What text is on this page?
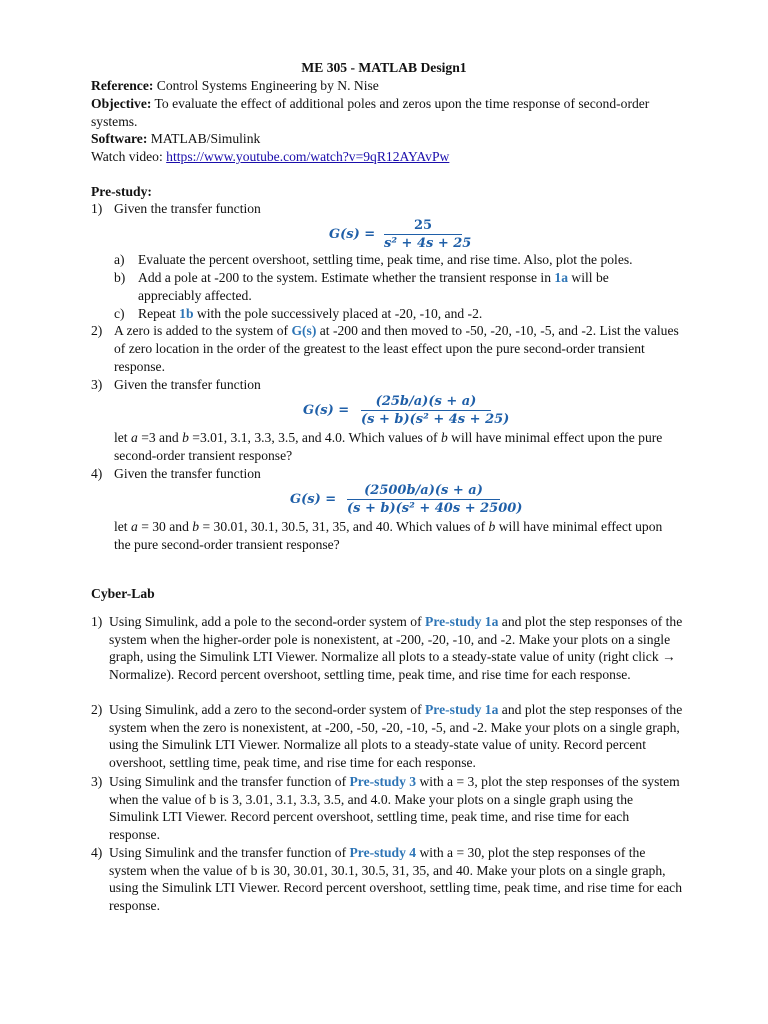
ME 305 - MATLAB Design1
Reference: Control Systems Engineering by N. Nise
Objective: To evaluate the effect of additional poles and zeros upon the time response of second-order systems.
Software: MATLAB/Simulink
Watch video: https://www.youtube.com/watch?v=9qR12AYAvPw
Pre-study:
1) Given the transfer function
G(s) =
25
s² + 4s + 25
a) Evaluate the percent overshoot, settling time, peak time, and rise time. Also, plot the poles.
b) Add a pole at -200 to the system. Estimate whether the transient response in 1a will be appreciably affected.
c) Repeat 1b with the pole successively placed at -20, -10, and -2.
2) A zero is added to the system of G(s) at -200 and then moved to -50, -20, -10, -5, and -2. List the values of zero location in the order of the greatest to the least effect upon the pure second-order transient response.
3) Given the transfer function
G(s) =
(25b/a)(s + a)
(s + b)(s² + 4s + 25)
let a =3 and b =3.01, 3.1, 3.3, 3.5, and 4.0. Which values of b will have minimal effect upon the pure second-order transient response?
4) Given the transfer function
G(s) =
(2500b/a)(s + a)
(s + b)(s² + 40s + 2500)
let a = 30 and b = 30.01, 30.1, 30.5, 31, 35, and 40. Which values of b will have minimal effect upon the pure second-order transient response?
Cyber-Lab
1) Using Simulink, add a pole to the second-order system of Pre-study 1a and plot the step responses of the system when the higher-order pole is nonexistent, at -200, -20, -10, and -2. Make your plots on a single graph, using the Simulink LTI Viewer. Normalize all plots to a steady-state value of unity (right click → Normalize). Record percent overshoot, settling time, peak time, and rise time for each response.
2) Using Simulink, add a zero to the second-order system of Pre-study 1a and plot the step responses of the system when the zero is nonexistent, at -200, -50, -20, -10, -5, and -2. Make your plots on a single graph, using the Simulink LTI Viewer. Normalize all plots to a steady-state value of unity. Record percent overshoot, settling time, peak time, and rise time for each response.
3) Using Simulink and the transfer function of Pre-study 3 with a = 3, plot the step responses of the system when the value of b is 3, 3.01, 3.1, 3.3, 3.5, and 4.0. Make your plots on a single graph using the Simulink LTI Viewer. Record percent overshoot, settling time, peak time, and rise time for each response.
4) Using Simulink and the transfer function of Pre-study 4 with a = 30, plot the step responses of the system when the value of b is 30, 30.01, 30.1, 30.5, 31, 35, and 40. Make your plots on a single graph, using the Simulink LTI Viewer. Record percent overshoot, settling time, peak time, and rise time for each response.
